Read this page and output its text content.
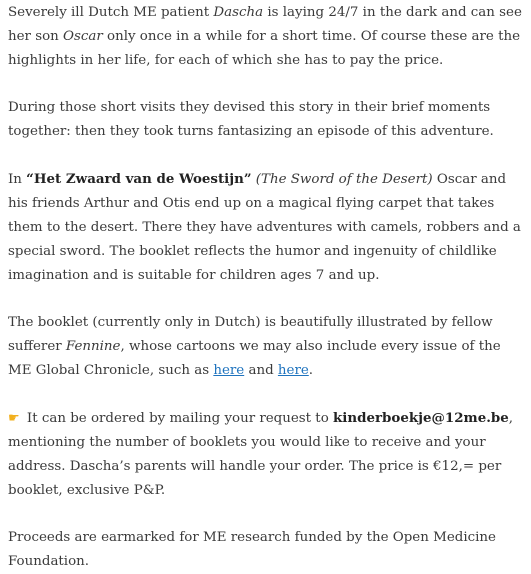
Severely ill Dutch ME patient Dascha is laying 24/7 in the dark and can see her son Oscar only once in a while for a short time. Of course these are the highlights in her life, for each of which she has to pay the price.

During those short visits they devised this story in their brief moments together: then they took turns fantasizing an episode of this adventure.

In “Het Zwaard van de Woestijn” (The Sword of the Desert) Oscar and his friends Arthur and Otis end up on a magical flying carpet that takes them to the desert. There they have adventures with camels, robbers and a special sword. The booklet reflects the humor and ingenuity of childlike imagination and is suitable for children ages 7 and up.

The booklet (currently only in Dutch) is beautifully illustrated by fellow sufferer Fennine, whose cartoons we may also include every issue of the ME Global Chronicle, such as here and here.

☛ It can be ordered by mailing your request to kinderboekje@12me.be, mentioning the number of booklets you would like to receive and your address. Dascha’s parents will handle your order. The price is €12,= per booklet, exclusive P&P.

Proceeds are earmarked for ME research funded by the Open Medicine Foundation.
